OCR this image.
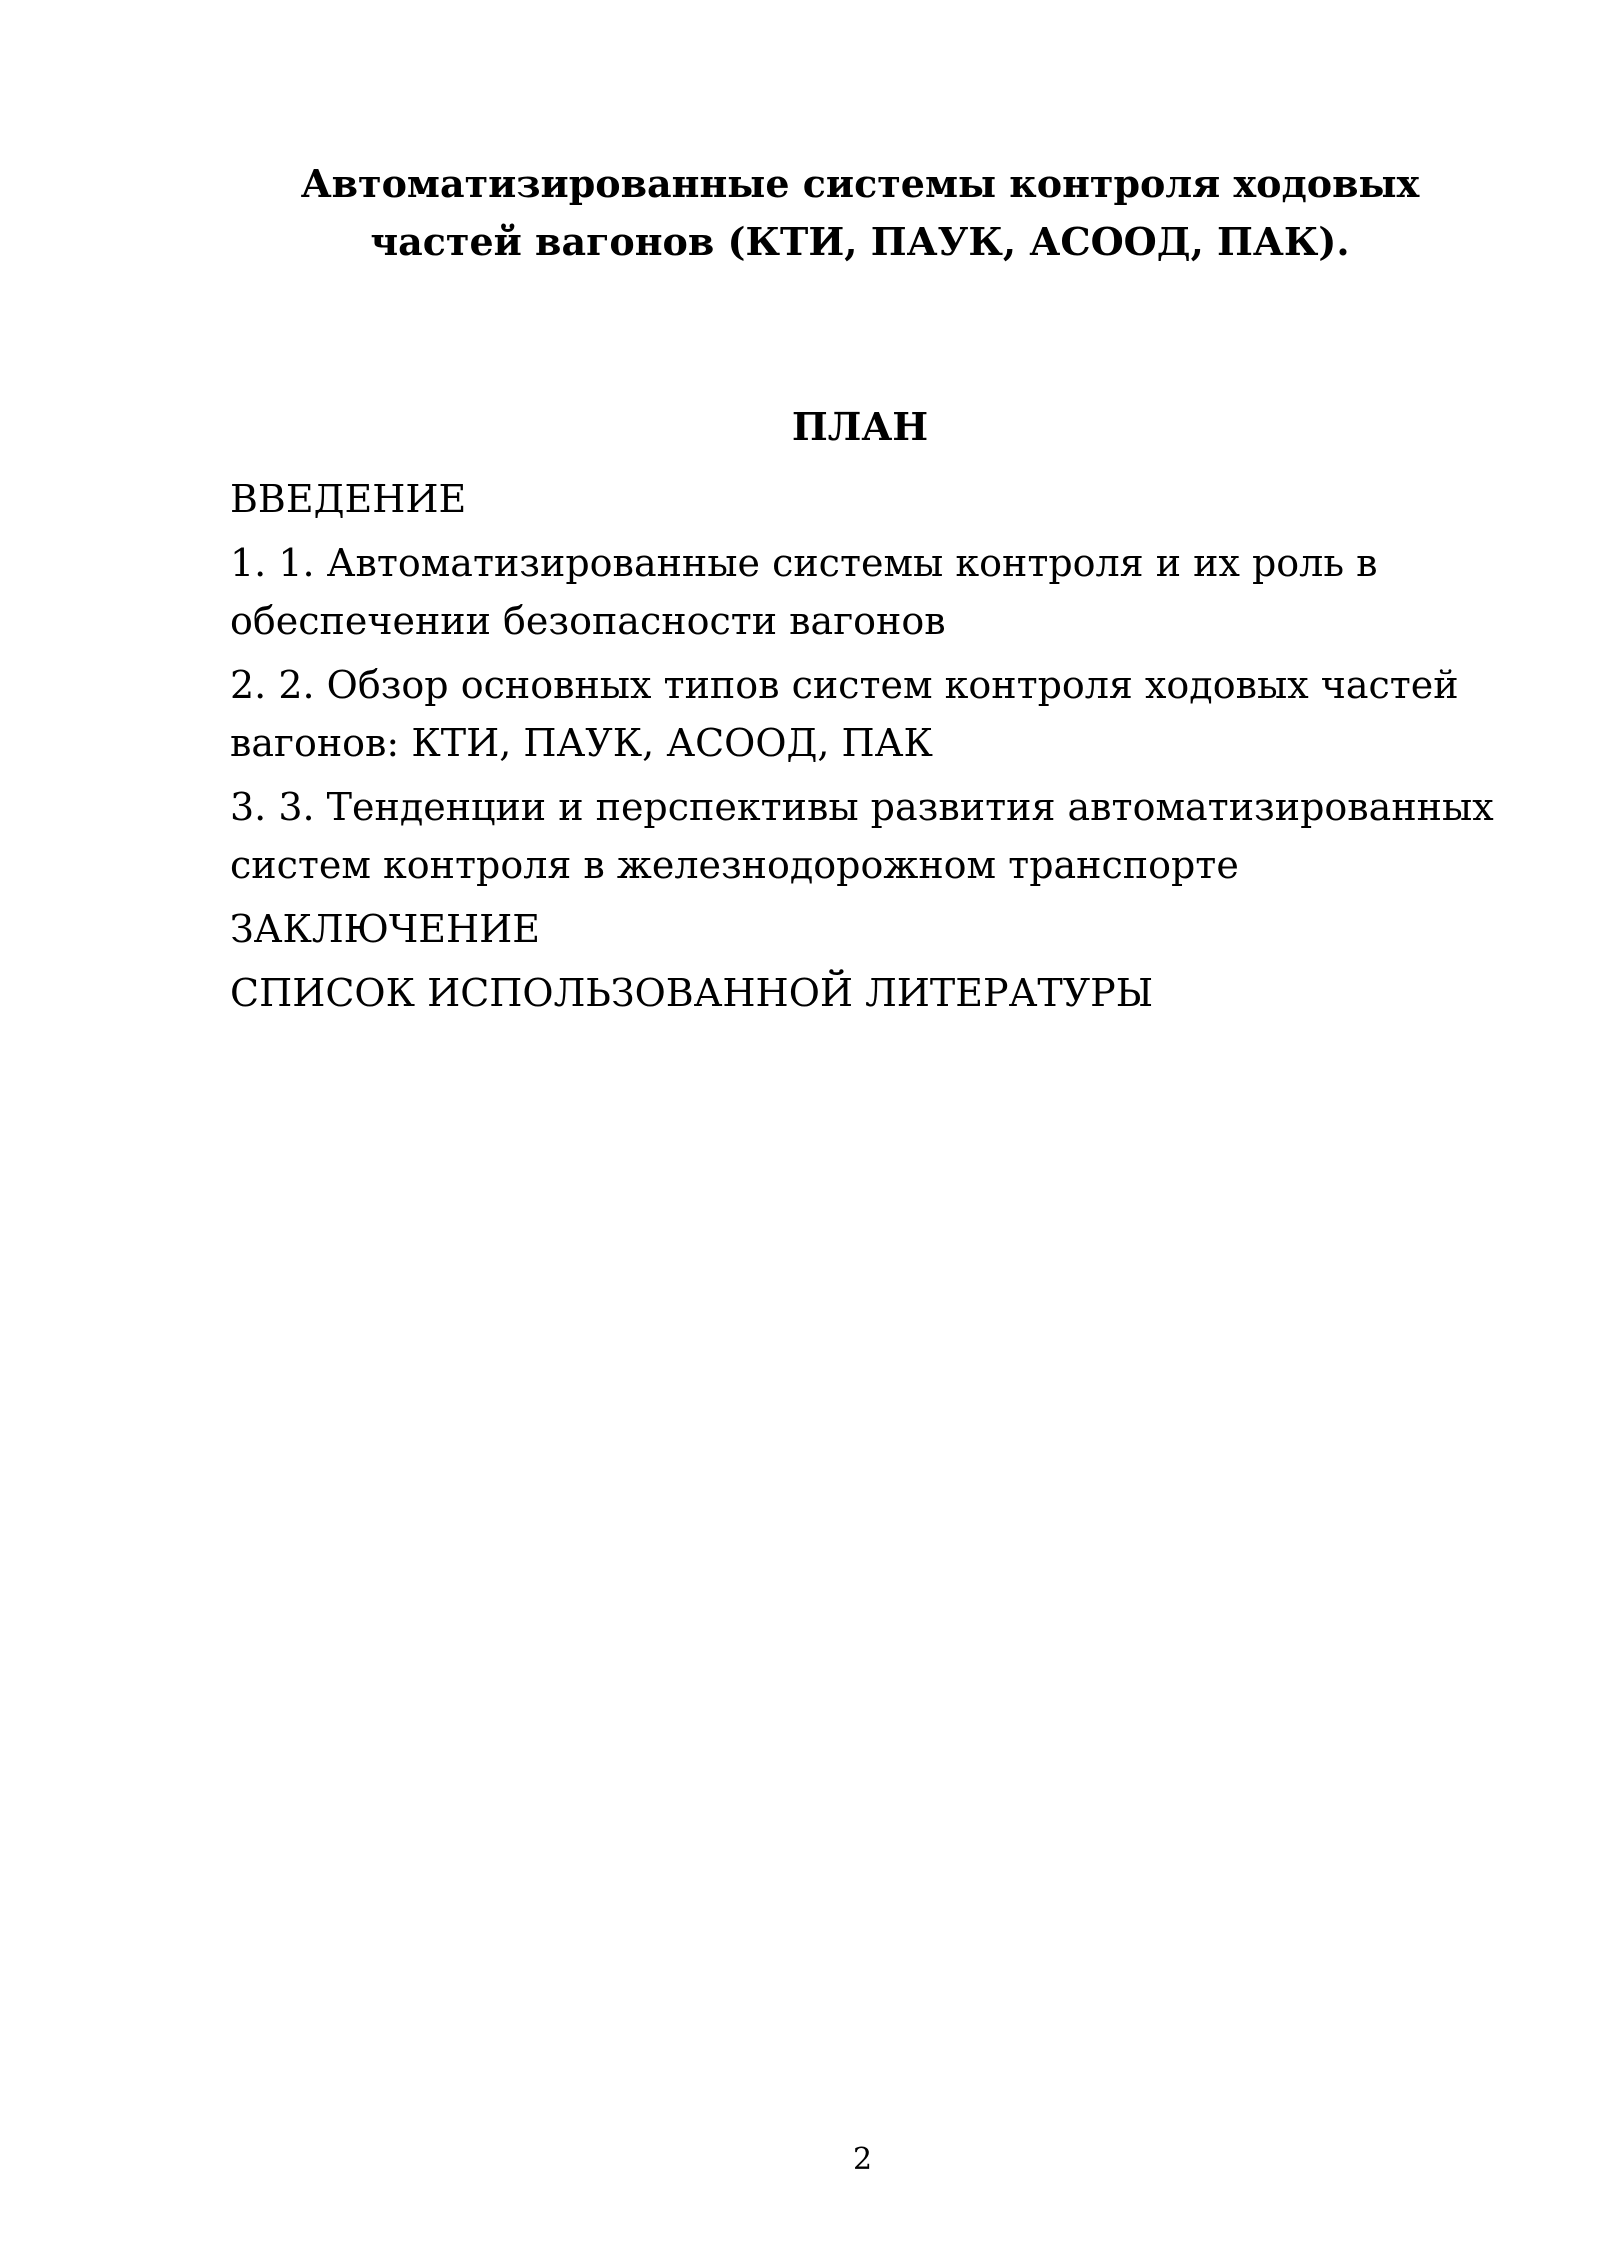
Автоматизированные системы контроля ходовых частей вагонов (КТИ, ПАУК, АСООД, ПАК).
ПЛАН
ВВЕДЕНИЕ
1. 1. Автоматизированные системы контроля и их роль в обеспечении безопасности вагонов
2. 2. Обзор основных типов систем контроля ходовых частей вагонов: КТИ, ПАУК, АСООД, ПАК
3. 3. Тенденции и перспективы развития автоматизированных систем контроля в железнодорожном транспорте
ЗАКЛЮЧЕНИЕ
СПИСОК ИСПОЛЬЗОВАННОЙ ЛИТЕРАТУРЫ
2
